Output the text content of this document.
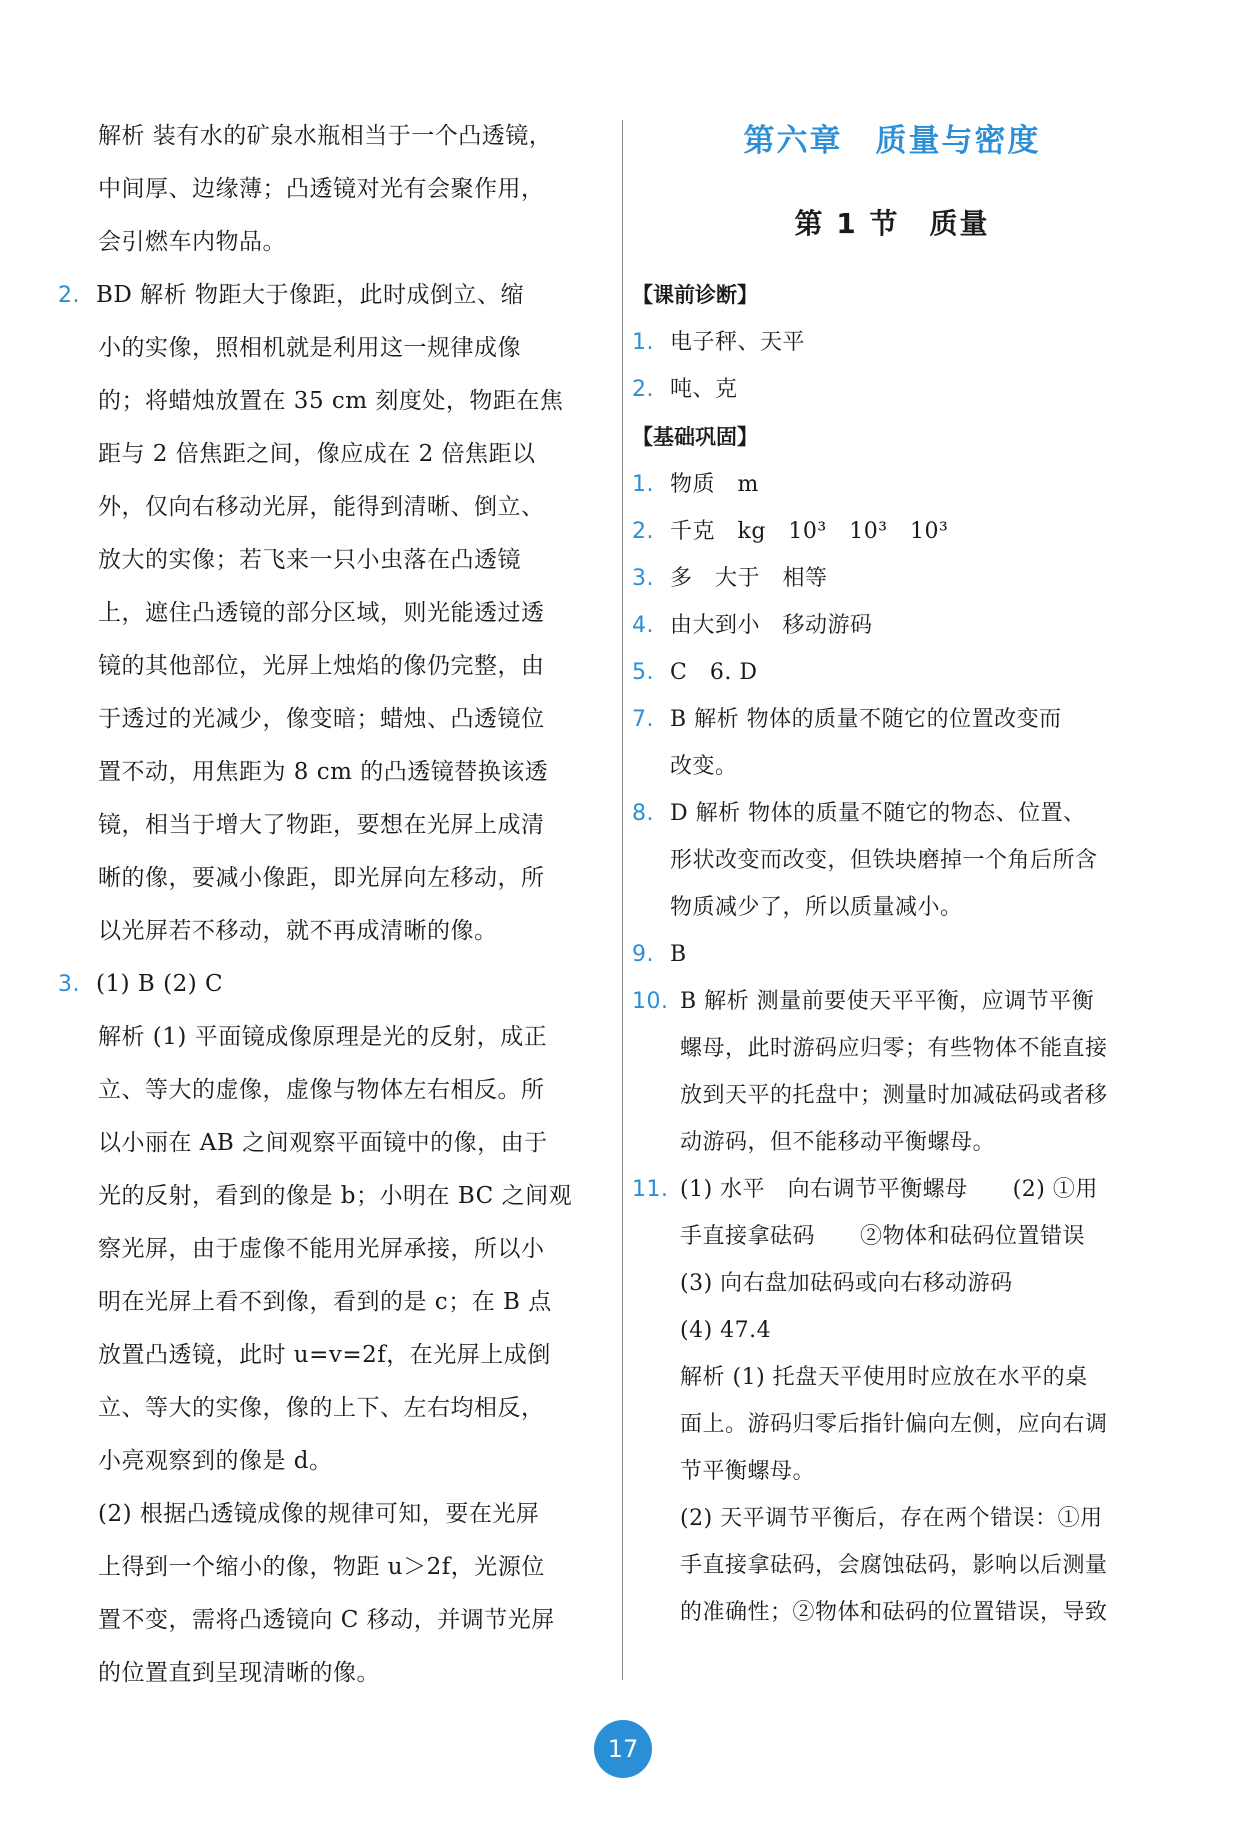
解析 装有水的矿泉水瓶相当于一个凸透镜，
中间厚、边缘薄；凸透镜对光有会聚作用，
会引燃车内物品。
2. BD 解析 物距大于像距，此时成倒立、缩
小的实像，照相机就是利用这一规律成像
的；将蜡烛放置在 35 cm 刻度处，物距在焦
距与 2 倍焦距之间，像应成在 2 倍焦距以
外，仅向右移动光屏，能得到清晰、倒立、
放大的实像；若飞来一只小虫落在凸透镜
上，遮住凸透镜的部分区域，则光能透过透
镜的其他部位，光屏上烛焰的像仍完整，由
于透过的光减少，像变暗；蜡烛、凸透镜位
置不动，用焦距为 8 cm 的凸透镜替换该透
镜，相当于增大了物距，要想在光屏上成清
晰的像，要减小像距，即光屏向左移动，所
以光屏若不移动，就不再成清晰的像。
3. (1) B (2) C
解析 (1) 平面镜成像原理是光的反射，成正
立、等大的虚像，虚像与物体左右相反。所
以小丽在 AB 之间观察平面镜中的像，由于
光的反射，看到的像是 b；小明在 BC 之间观
察光屏，由于虚像不能用光屏承接，所以小
明在光屏上看不到像，看到的是 c；在 B 点
放置凸透镜，此时 u=v=2f，在光屏上成倒
立、等大的实像，像的上下、左右均相反，
小亮观察到的像是 d。
(2) 根据凸透镜成像的规律可知，要在光屏
上得到一个缩小的像，物距 u＞2f，光源位
置不变，需将凸透镜向 C 移动，并调节光屏
的位置直到呈现清晰的像。
第六章　质量与密度
第 1 节　质量
【课前诊断】
1. 电子秤、天平
2. 吨、克
【基础巩固】
1. 物质　m
2. 千克　kg　10³　10³　10³
3. 多　大于　相等
4. 由大到小　移动游码
5. C　6. D
7. B 解析 物体的质量不随它的位置改变而
改变。
8. D 解析 物体的质量不随它的物态、位置、
形状改变而改变，但铁块磨掉一个角后所含
物质减少了，所以质量减小。
9. B
10. B 解析 测量前要使天平平衡，应调节平衡
螺母，此时游码应归零；有些物体不能直接
放到天平的托盘中；测量时加减砝码或者移
动游码，但不能移动平衡螺母。
11. (1) 水平　向右调节平衡螺母　　(2) ①用
手直接拿砝码　　②物体和砝码位置错误
(3) 向右盘加砝码或向右移动游码
(4) 47.4
解析 (1) 托盘天平使用时应放在水平的桌
面上。游码归零后指针偏向左侧，应向右调
节平衡螺母。
(2) 天平调节平衡后，存在两个错误：①用
手直接拿砝码，会腐蚀砝码，影响以后测量
的准确性；②物体和砝码的位置错误，导致
17
